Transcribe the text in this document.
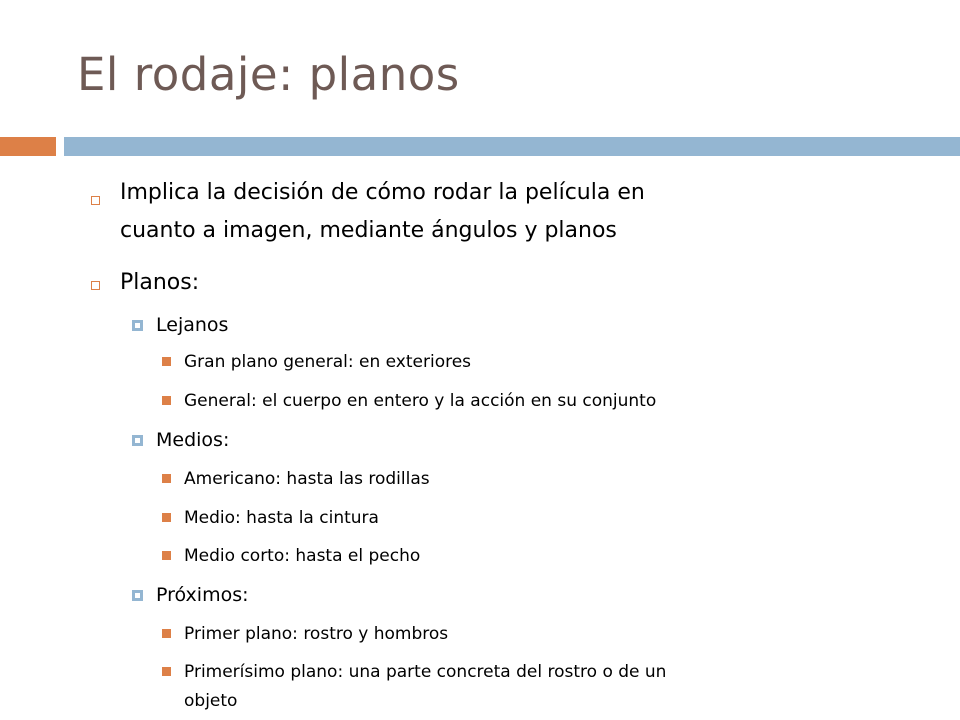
El rodaje: planos
Implica la decisión de cómo rodar la película en
cuanto a imagen, mediante ángulos y planos
Planos:
Lejanos
Gran plano general: en exteriores
General: el cuerpo en entero y la acción en su conjunto
Medios:
Americano: hasta las rodillas
Medio: hasta la cintura
Medio corto: hasta el pecho
Próximos:
Primer plano: rostro y hombros
Primerísimo plano: una parte concreta del rostro o de un
objeto
